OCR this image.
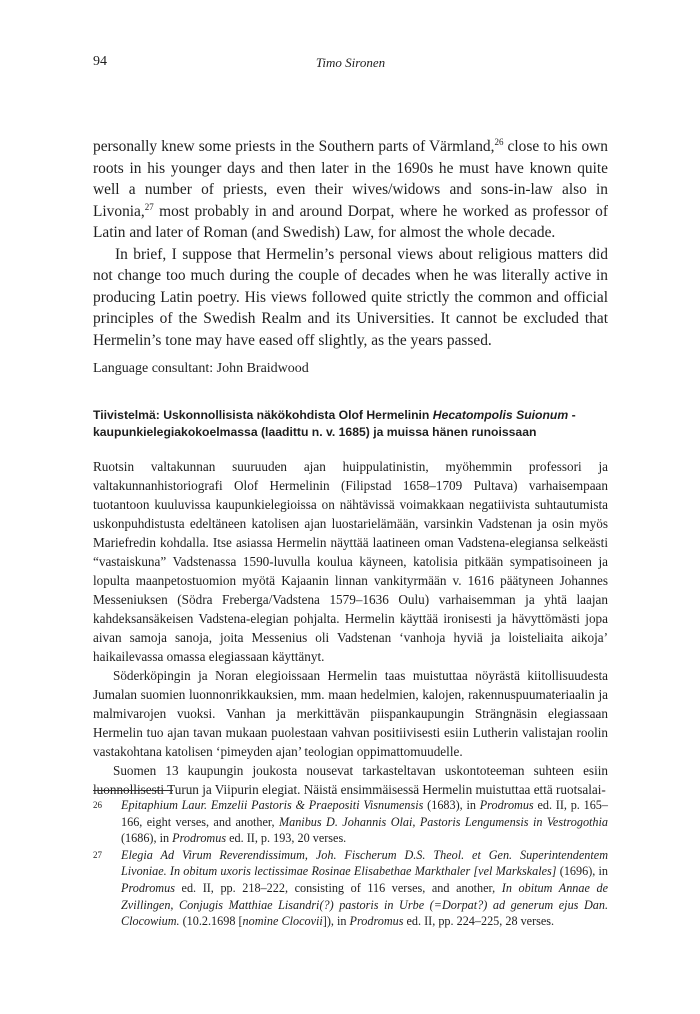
94	Timo Sironen

personally knew some priests in the Southern parts of Värmland,$^{26}$ close to his own roots in his younger days and then later in the 1690s he must have known quite well a number of priests, even their wives/widows and sons-in-law also in Livonia,$^{27}$ most probably in and around Dorpat, where he worked as professor of Latin and later of Roman (and Swedish) Law, for almost the whole decade.

In brief, I suppose that Hermelin’s personal views about religious matters did not change too much during the couple of decades when he was literally active in producing Latin poetry. His views followed quite strictly the common and official principles of the Swedish Realm and its Universities. It cannot be excluded that Hermelin’s tone may have eased off slightly, as the years passed.

Language consultant: John Braidwood
Tiivistelmä: Uskonnollisista näkökohdista Olof Hermelinin Hecatompolis Suionum -kaupunkielegiakokoelmassa (laadittu n. v. 1685) ja muissa hänen runoissaan

Ruotsin valtakunnan suuruuden ajan huippulatinistin, myöhemmin professori ja valtakunnanhistoriografi Olof Hermelinin (Filipstad 1658–1709 Pultava) varhaisempaan tuotantoon kuuluvissa kaupunkielegioissa on nähtävissä voimakkaan negatiivista suhtautumista uskonpuhdistusta edeltäneen katolisen ajan luostarielämään, varsinkin Vadstenan ja osin myös Mariefredin kohdalla. Itse asiassa Hermelin näyttää laatineen oman Vadstena-elegiansa selkeästi “vastaiskuna” Vadstenassa 1590-luvulla koulua käyneen, katolisia pitkään sympatisoineen ja lopulta maanpetostuomion myötä Kajaanin linnan vankityrmään v. 1616 päätyneen Johannes Messeniuksen (Södra Freberga/Vadstena 1579–1636 Oulu) varhaisemman ja yhtä laajan kahdeksansäkeisen Vadstena-elegian pohjalta. Hermelin käyttää ironisesti ja hävyttömästi jopa aivan samoja sanoja, joita Messenius oli Vadstenan ‘vanhoja hyviä ja loisteliaita aikoja’ haikailevassa omassa elegiassaan käyttänyt.

Söderköpingin ja Noran elegioissaan Hermelin taas muistuttaa nöyrästä kiitollisuudesta Jumalan suomien luonnonrikkauksien, mm. maan hedelmien, kalojen, rakennuspuumateriaalin ja malmivarojen vuoksi. Vanhan ja merkittävän piispankaupungin Strängnäsin elegiassaan Hermelin tuo ajan tavan mukaan puolestaan vahvan positiivisesti esiin Lutherin valistajan roolin vastakohtana katolisen ‘pimeyden ajan’ teologian oppimattomuudelle.

Suomen 13 kaupungin joukosta nousevat tarkasteltavan uskontoteeman suhteen esiin luonnollisesti Turun ja Viipurin elegiat. Näistä ensimmäisessä Hermelin muistuttaa että ruotsalai-

26 Epitaphium Laur. Emzelii Pastoris & Praepositi Visnumensis (1683), in Prodromus ed. II, p. 165–166, eight verses, and another, Manibus D. Johannis Olai, Pastoris Lengumensis in Vestrogothia (1686), in Prodromus ed. II, p. 193, 20 verses.
27 Elegia Ad Virum Reverendissimum, Joh. Fischerum D.S. Theol. et Gen. Superintendentem Livoniae. In obitum uxoris lectissimae Rosinae Elisabethae Markthaler [vel Markskales] (1696), in Prodromus ed. II, pp. 218–222, consisting of 116 verses, and another, In obitum Annae de Zvillingen, Conjugis Matthiae Lisandri(?) pastoris in Urbe (=Dorpat?) ad generum ejus Dan. Clocowium. (10.2.1698 [nomine Clocovii]), in Prodromus ed. II, pp. 224–225, 28 verses.
